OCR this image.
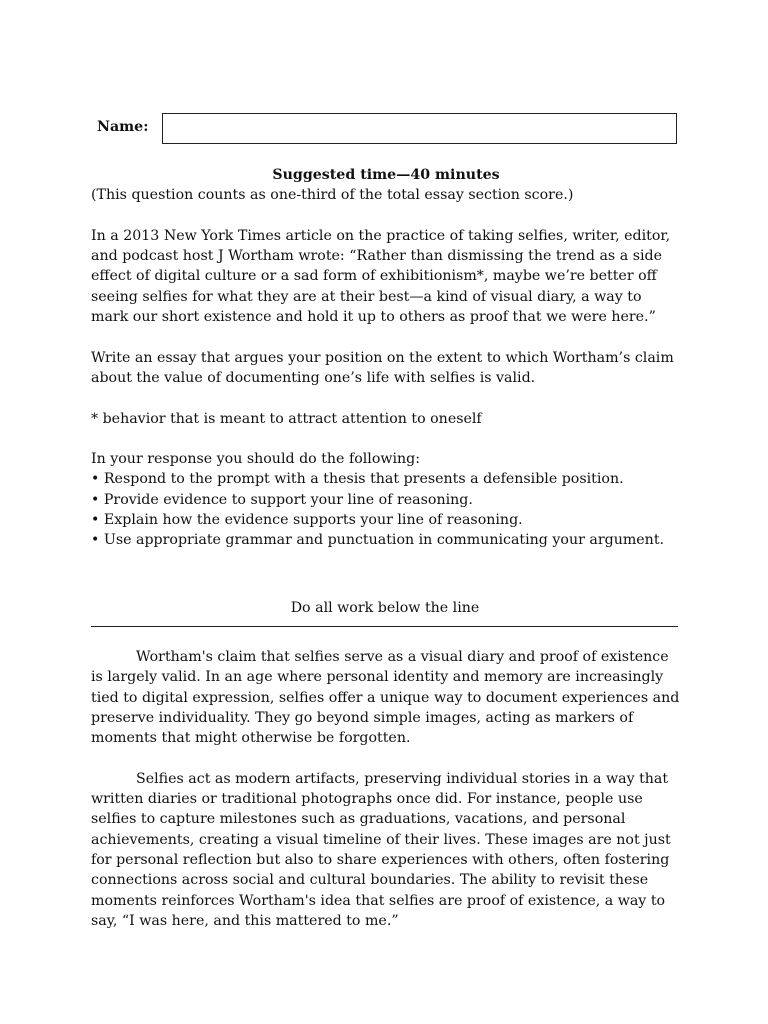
Name:

Suggested time—40 minutes

(This question counts as one-third of the total essay section score.)

In a 2013 New York Times article on the practice of taking selfies, writer, editor, and podcast host J Wortham wrote: “Rather than dismissing the trend as a side effect of digital culture or a sad form of exhibitionism*, maybe we’re better off seeing selfies for what they are at their best—a kind of visual diary, a way to mark our short existence and hold it up to others as proof that we were here.”

Write an essay that argues your position on the extent to which Wortham’s claim about the value of documenting one’s life with selfies is valid.

* behavior that is meant to attract attention to oneself

In your response you should do the following:

• Respond to the prompt with a thesis that presents a defensible position.

• Provide evidence to support your line of reasoning.

• Explain how the evidence supports your line of reasoning.

• Use appropriate grammar and punctuation in communicating your argument.

Do all work below the line

Wortham's claim that selfies serve as a visual diary and proof of existence is largely valid. In an age where personal identity and memory are increasingly tied to digital expression, selfies offer a unique way to document experiences and preserve individuality. They go beyond simple images, acting as markers of moments that might otherwise be forgotten.

Selfies act as modern artifacts, preserving individual stories in a way that written diaries or traditional photographs once did. For instance, people use selfies to capture milestones such as graduations, vacations, and personal achievements, creating a visual timeline of their lives. These images are not just for personal reflection but also to share experiences with others, often fostering connections across social and cultural boundaries. The ability to revisit these moments reinforces Wortham's idea that selfies are proof of existence, a way to say, “I was here, and this mattered to me.”
